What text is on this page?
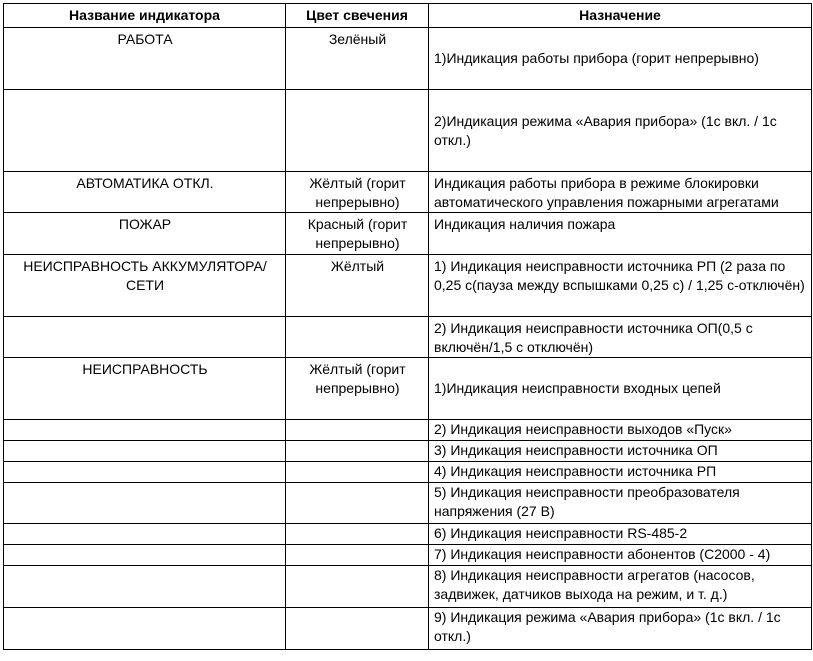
Название индикатора	Цвет свечения	Назначение
РАБОТА	Зелёный	1)Индикация работы прибора (горит непрерывно)
		2)Индикация режима «Авария прибора» (1с вкл. / 1с откл.)
АВТОМАТИКА ОТКЛ.	Жёлтый (горит непрерывно)	Индикация работы прибора в режиме блокировки автоматического управления пожарными агрегатами
ПОЖАР	Красный (горит непрерывно)	Индикация наличия пожара
НЕИСПРАВНОСТЬ АККУМУЛЯТОРА/ СЕТИ	Жёлтый	1) Индикация неисправности источника РП (2 раза по 0,25 с(пауза между вспышками 0,25 с) / 1,25 с-отключён)
		2) Индикация неисправности источника ОП(0,5 с включён/1,5 с отключён)
НЕИСПРАВНОСТЬ	Жёлтый (горит непрерывно)	1)Индикация неисправности входных цепей
		2) Индикация неисправности выходов «Пуск»
		3) Индикация неисправности источника ОП
		4) Индикация неисправности источника РП
		5) Индикация неисправности преобразователя напряжения (27 В)
		6) Индикация неисправности RS-485-2
		7) Индикация неисправности абонентов (С2000 - 4)
		8) Индикация неисправности агрегатов (насосов, задвижек, датчиков выхода на режим, и т. д.)
		9) Индикация режима «Авария прибора» (1с вкл. / 1с откл.)
